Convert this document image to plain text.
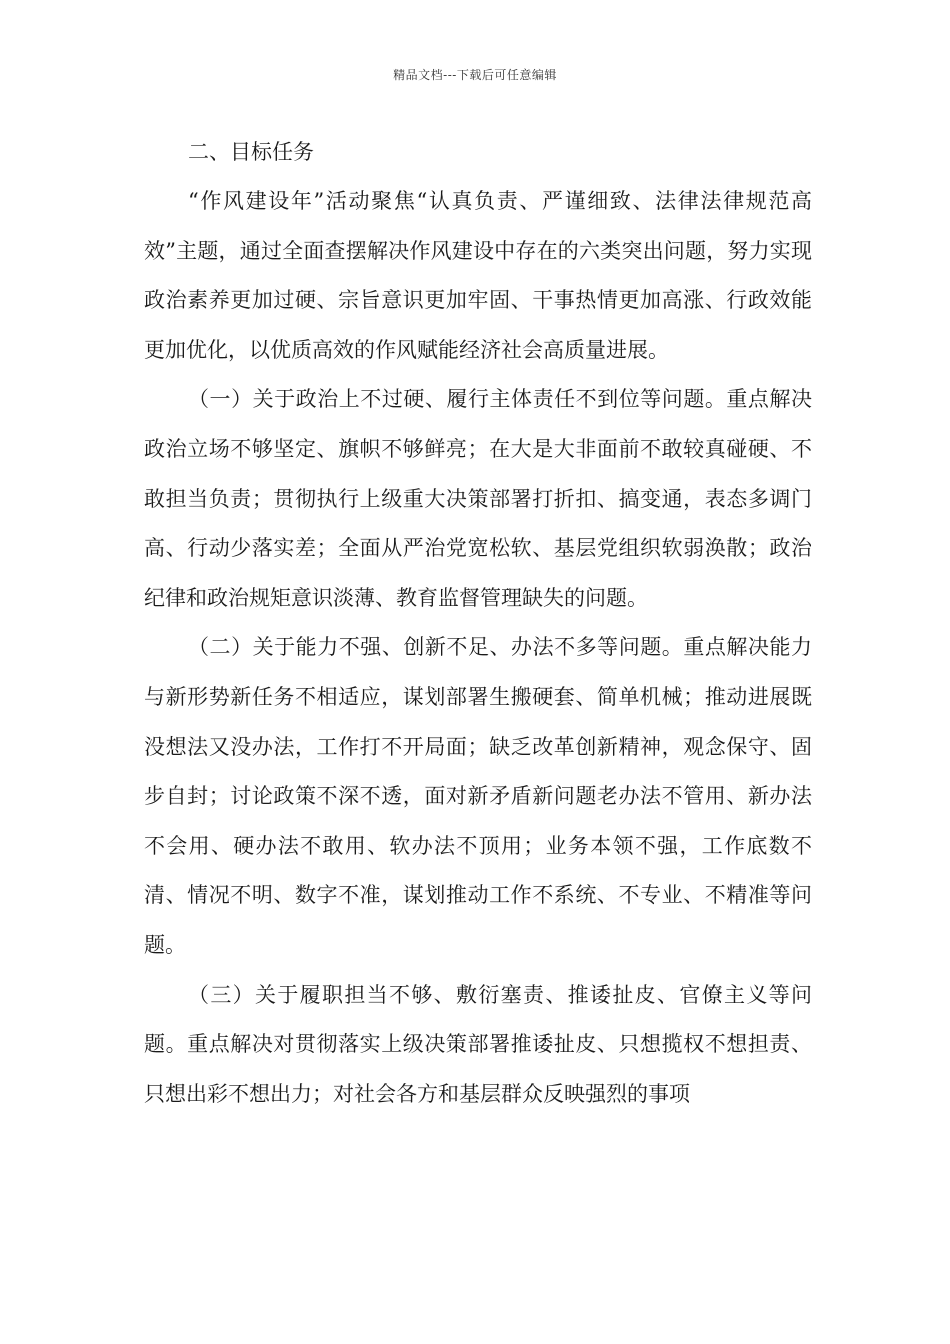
精品文档---下载后可任意编辑

二、目标任务

“作风建设年”活动聚焦“认真负责、严谨细致、法律法律规范高效”主题，通过全面查摆解决作风建设中存在的六类突出问题，努力实现政治素养更加过硬、宗旨意识更加牢固、干事热情更加高涨、行政效能更加优化，以优质高效的作风赋能经济社会高质量进展。

（一）关于政治上不过硬、履行主体责任不到位等问题。重点解决政治立场不够坚定、旗帜不够鲜亮；在大是大非面前不敢较真碰硬、不敢担当负责；贯彻执行上级重大决策部署打折扣、搞变通，表态多调门高、行动少落实差；全面从严治党宽松软、基层党组织软弱涣散；政治纪律和政治规矩意识淡薄、教育监督管理缺失的问题。

（二）关于能力不强、创新不足、办法不多等问题。重点解决能力与新形势新任务不相适应，谋划部署生搬硬套、简单机械；推动进展既没想法又没办法，工作打不开局面；缺乏改革创新精神，观念保守、固步自封；讨论政策不深不透，面对新矛盾新问题老办法不管用、新办法不会用、硬办法不敢用、软办法不顶用；业务本领不强，工作底数不清、情况不明、数字不准，谋划推动工作不系统、不专业、不精准等问题。

（三）关于履职担当不够、敷衍塞责、推诿扯皮、官僚主义等问题。重点解决对贯彻落实上级决策部署推诿扯皮、只想揽权不想担责、只想出彩不想出力；对社会各方和基层群众反映强烈的事项
